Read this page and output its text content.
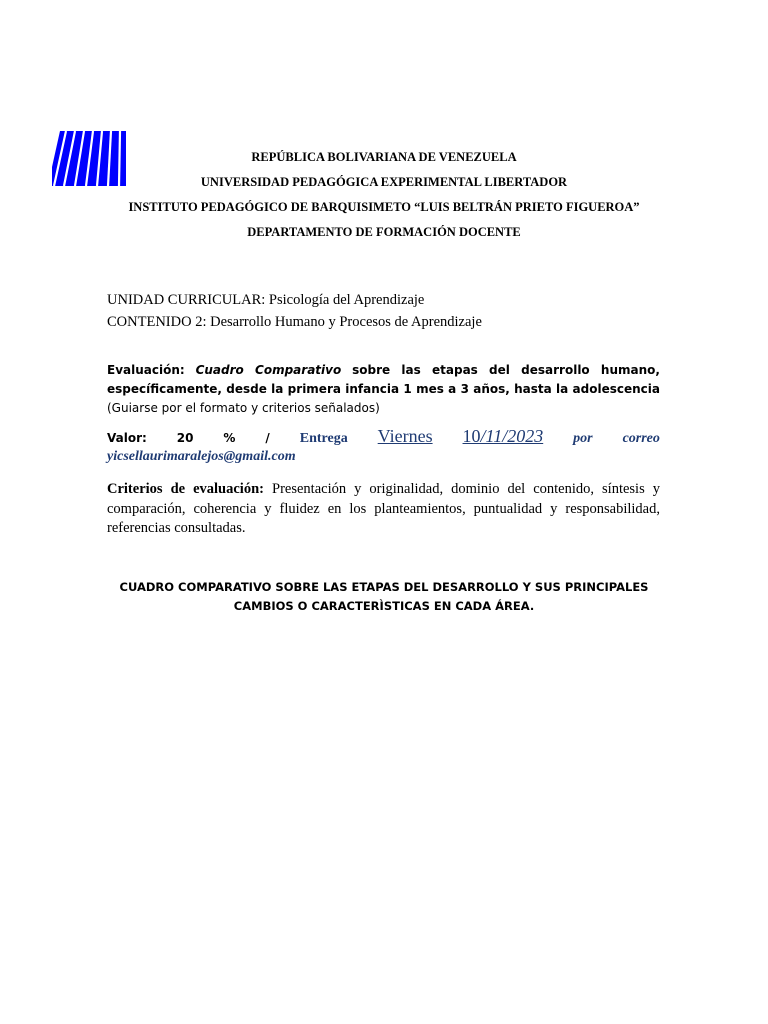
REPÚBLICA BOLIVARIANA DE VENEZUELA
UNIVERSIDAD PEDAGÓGICA EXPERIMENTAL LIBERTADOR
INSTITUTO PEDAGÓGICO DE BARQUISIMETO “LUIS BELTRÁN PRIETO FIGUEROA”
DEPARTAMENTO DE FORMACIÓN DOCENTE
UNIDAD CURRICULAR: Psicología del Aprendizaje
CONTENIDO 2: Desarrollo Humano y Procesos de Aprendizaje
Evaluación: Cuadro Comparativo sobre las etapas del desarrollo humano, específicamente, desde la primera infancia 1 mes a 3 años, hasta la adolescencia (Guiarse por el formato y criterios señalados)
Valor: 20 % / Entrega Viernes 10/11/2023 por correo
yicsellaurimaralejos@gmail.com
Criterios de evaluación: Presentación y originalidad, dominio del contenido, síntesis y comparación, coherencia y fluidez en los planteamientos, puntualidad y responsabilidad, referencias consultadas.
CUADRO COMPARATIVO SOBRE LAS ETAPAS DEL DESARROLLO Y SUS PRINCIPALES CAMBIOS O CARACTERÌSTICAS EN CADA ÁREA.
